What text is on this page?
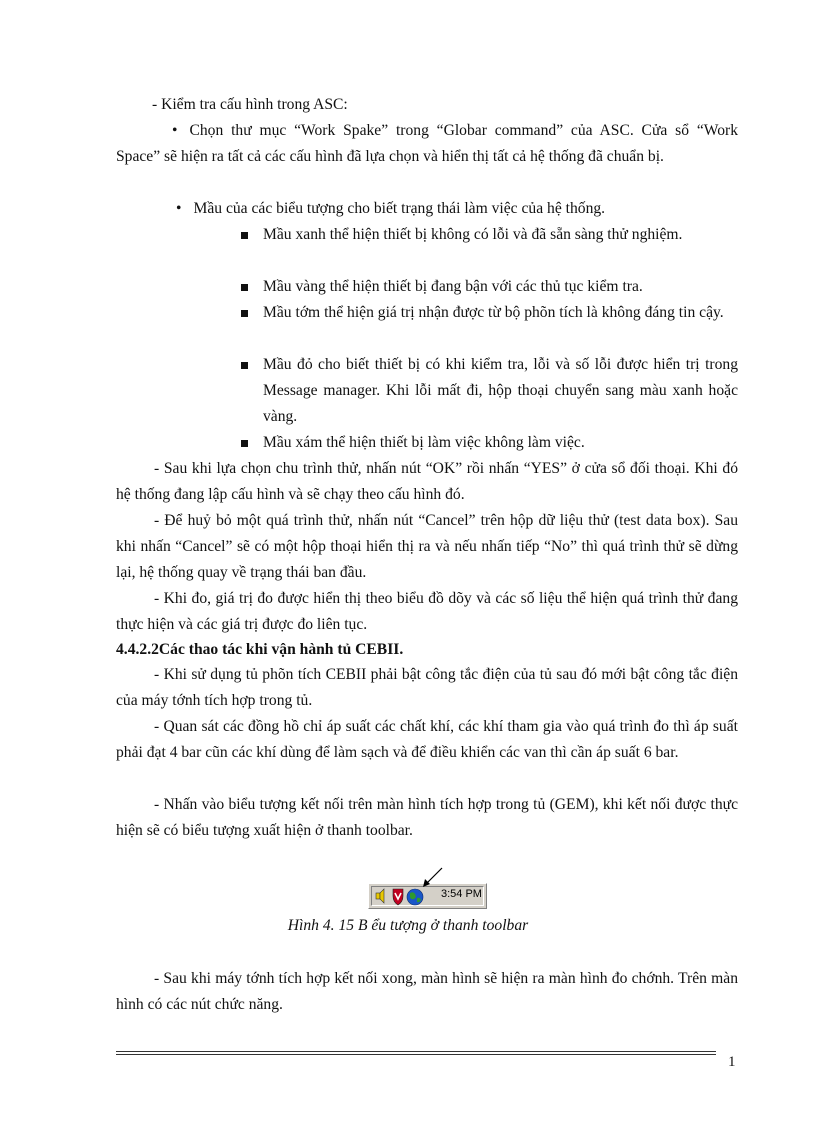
- Kiểm tra cấu hình trong ASC:

• Chọn thư mục “Work Spake” trong “Globar command” của ASC. Cửa sổ “Work Space” sẽ hiện ra tất cả các cấu hình đã lựa chọn và hiển thị tất cả hệ thống đã chuẩn bị.

• Mầu của các biểu tượng cho biết trạng thái làm việc của hệ thống.

Mầu xanh thể hiện thiết bị không có lỗi và đã sẵn sàng thử nghiệm.

Mầu vàng thể hiện thiết bị đang bận với các thủ tục kiểm tra.

Mầu tớm thể hiện giá trị nhận được từ bộ phõn tích là không đáng tin cậy.

Mầu đỏ cho biết thiết bị có khi kiểm tra, lỗi và số lỗi được hiển trị trong Message manager. Khi lỗi mất đi, hộp thoại chuyển sang màu xanh hoặc vàng.

Mầu xám thể hiện thiết bị làm việc không làm việc.

- Sau khi lựa chọn chu trình thử, nhấn nút “OK” rồi nhấn “YES” ở cửa sổ đối thoại. Khi đó hệ thống đang lập cấu hình và sẽ chạy theo cấu hình đó.

- Để huỷ bỏ một quá trình thử, nhấn nút “Cancel” trên hộp dữ liệu thử (test data box). Sau khi nhấn “Cancel” sẽ có một hộp thoại hiển thị ra và nếu nhấn tiếp “No” thì quá trình thử sẽ dừng lại, hệ thống quay về trạng thái ban đầu.

- Khi đo, giá trị đo được hiển thị theo biểu đồ dõy và các số liệu thể hiện quá trình thử đang thực hiện và các giá trị được đo liên tục.

4.4.2.2Các thao tác khi vận hành tủ CEBII.

- Khi sử dụng tủ phõn tích CEBII phải bật công tắc điện của tủ sau đó mới bật công tắc điện của máy tớnh tích hợp trong tủ.

- Quan sát các đồng hồ chỉ áp suất các chất khí, các khí tham gia vào quá trình đo thì áp suất phải đạt 4 bar cũn các khí dùng để làm sạch và để điều khiển các van thì cần áp suất 6 bar.

- Nhấn vào biểu tượng kết nối trên màn hình tích hợp trong tủ (GEM), khi kết nối được thực hiện sẽ có biểu tượng xuất hiện ở thanh toolbar.

3:54 PM
Hình 4. 15 B ểu tượng ở thanh toolbar

- Sau khi máy tớnh tích hợp kết nối xong, màn hình sẽ hiện ra màn hình đo chớnh. Trên màn hình có các nút chức năng.

1
